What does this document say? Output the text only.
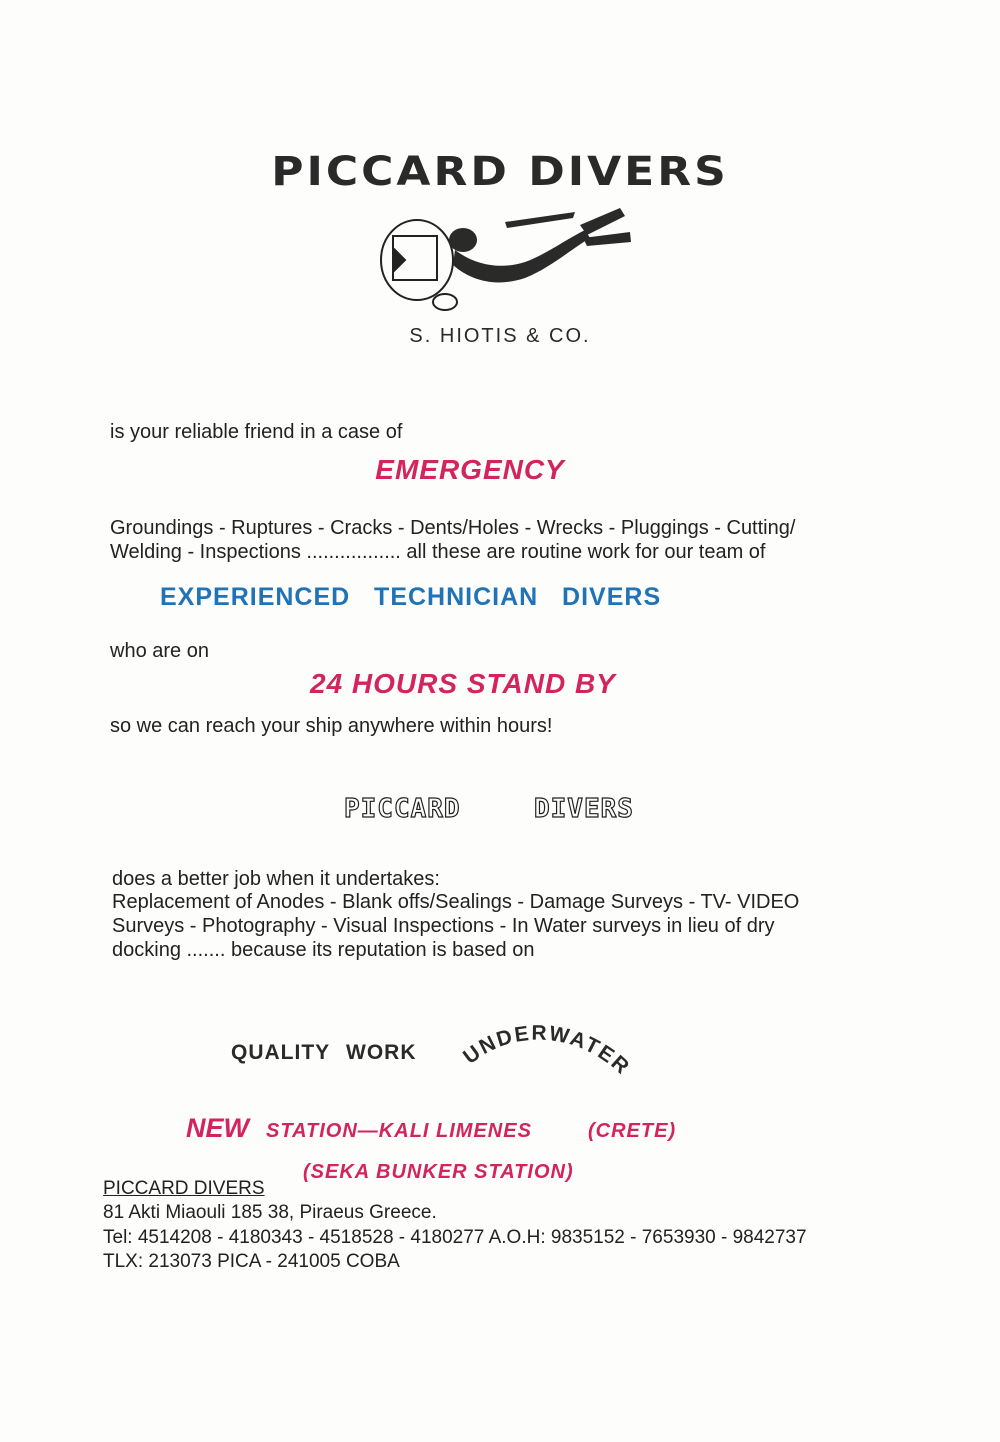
PICCARD DIVERS
S. HIOTIS & CO.
is your reliable friend in a case of
EMERGENCY
Groundings - Ruptures - Cracks - Dents/Holes - Wrecks - Pluggings - Cutting/
Welding - Inspections ................. all these are routine work for our team of
EXPERIENCED   TECHNICIAN   DIVERS
who are on
24 HOURS STAND BY
so we can reach your ship anywhere within hours!
PICCARD	DIVERS
does a better job when it undertakes:
Replacement of Anodes - Blank offs/Sealings - Damage Surveys - TV- VIDEO
Surveys - Photography - Visual Inspections - In Water surveys in lieu of dry
docking ....... because its reputation is based on
QUALITY WORK UNDERWATER
NEW STATION—KALI LIMENES	(CRETE)
(SEKA BUNKER STATION)
PICCARD DIVERS
81 Akti Miaouli 185 38, Piraeus Greece.
Tel: 4514208 - 4180343 - 4518528 - 4180277 A.O.H: 9835152 - 7653930 - 9842737
TLX: 213073 PICA - 241005 COBA
